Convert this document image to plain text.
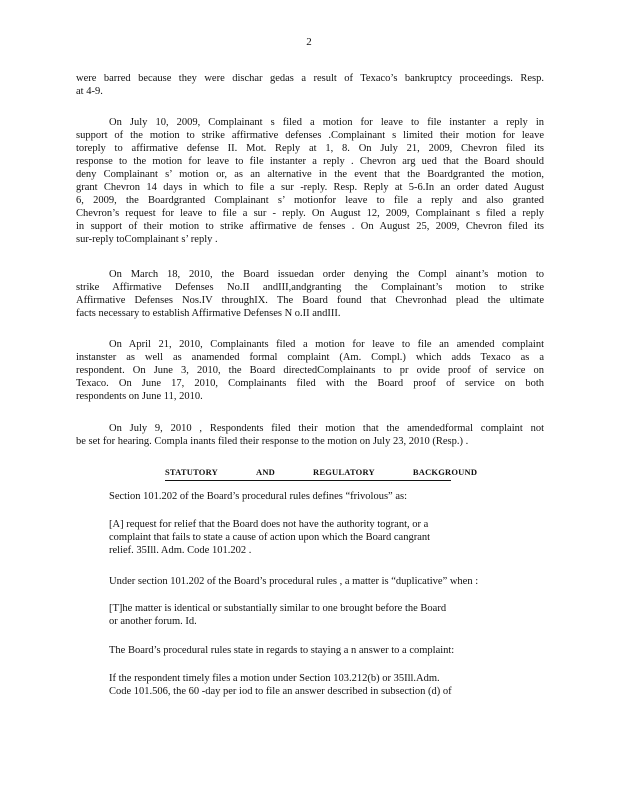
2
were barred because they were dischar gedas a result of Texaco’s bankruptcy proceedings. Resp.
at 4-9.
On July 10, 2009, Complainant s filed a motion for leave to file instanter a reply in
support of the motion to strike affirmative defenses .Complainant s limited their motion for leave
toreply to affirmative defense II. Mot. Reply at 1, 8. On July 21, 2009, Chevron filed its
response to the motion for leave to file instanter a reply . Chevron arg ued that the Board should
deny Complainant s’ motion or, as an alternative in the event that the Boardgranted the motion,
grant Chevron 14 days in which to file a sur -reply. Resp. Reply at 5-6.In an order dated August
6, 2009, the Boardgranted Complainant s’ motionfor leave to file a reply and also granted
Chevron’s request for leave to file a sur - reply. On August 12, 2009, Complainant s filed a reply
in support of their motion to strike affirmative de fenses . On August 25, 2009, Chevron filed its
sur-reply toComplainant s’ reply .
On March 18, 2010, the Board issuedan order denying the Compl ainant’s motion to
strike Affirmative Defenses No.II andIII,andgranting the Complainant’s motion to strike
Affirmative Defenses Nos.IV throughIX. The Board found that Chevronhad plead the ultimate
facts necessary to establish Affirmative Defenses N o.II andIII.
On April 21, 2010, Complainants filed a motion for leave to file an amended complaint
instanster as well as anamended formal complaint (Am. Compl.) which adds Texaco as a
respondent. On June 3, 2010, the Board directedComplainants to pr ovide proof of service on
Texaco. On June 17, 2010, Complainants filed with the Board proof of service on both
respondents on June 11, 2010.
On July 9, 2010 , Respondents filed their motion that the amendedformal complaint not
be set for hearing. Compla inants filed their response to the motion on July 23, 2010 (Resp.) .
STATUTORY	AND	REGULATORY	BACKGROUND

Section 101.202 of the Board’s procedural rules defines “frivolous” as:

[A] request for relief that the Board does not have the authority togrant, or a
complaint that fails to state a cause of action upon which the Board cangrant
relief. 35Ill. Adm. Code 101.202 .

Under section 101.202 of the Board’s procedural rules , a matter is “duplicative” when :

[T]he matter is identical or substantially similar to one brought before the Board
or another forum. Id.

The Board’s procedural rules state in regards to staying a n answer to a complaint:

If the respondent timely files a motion under Section 103.212(b) or 35Ill.Adm.
Code 101.506, the 60 -day per iod to file an answer described in subsection (d) of
